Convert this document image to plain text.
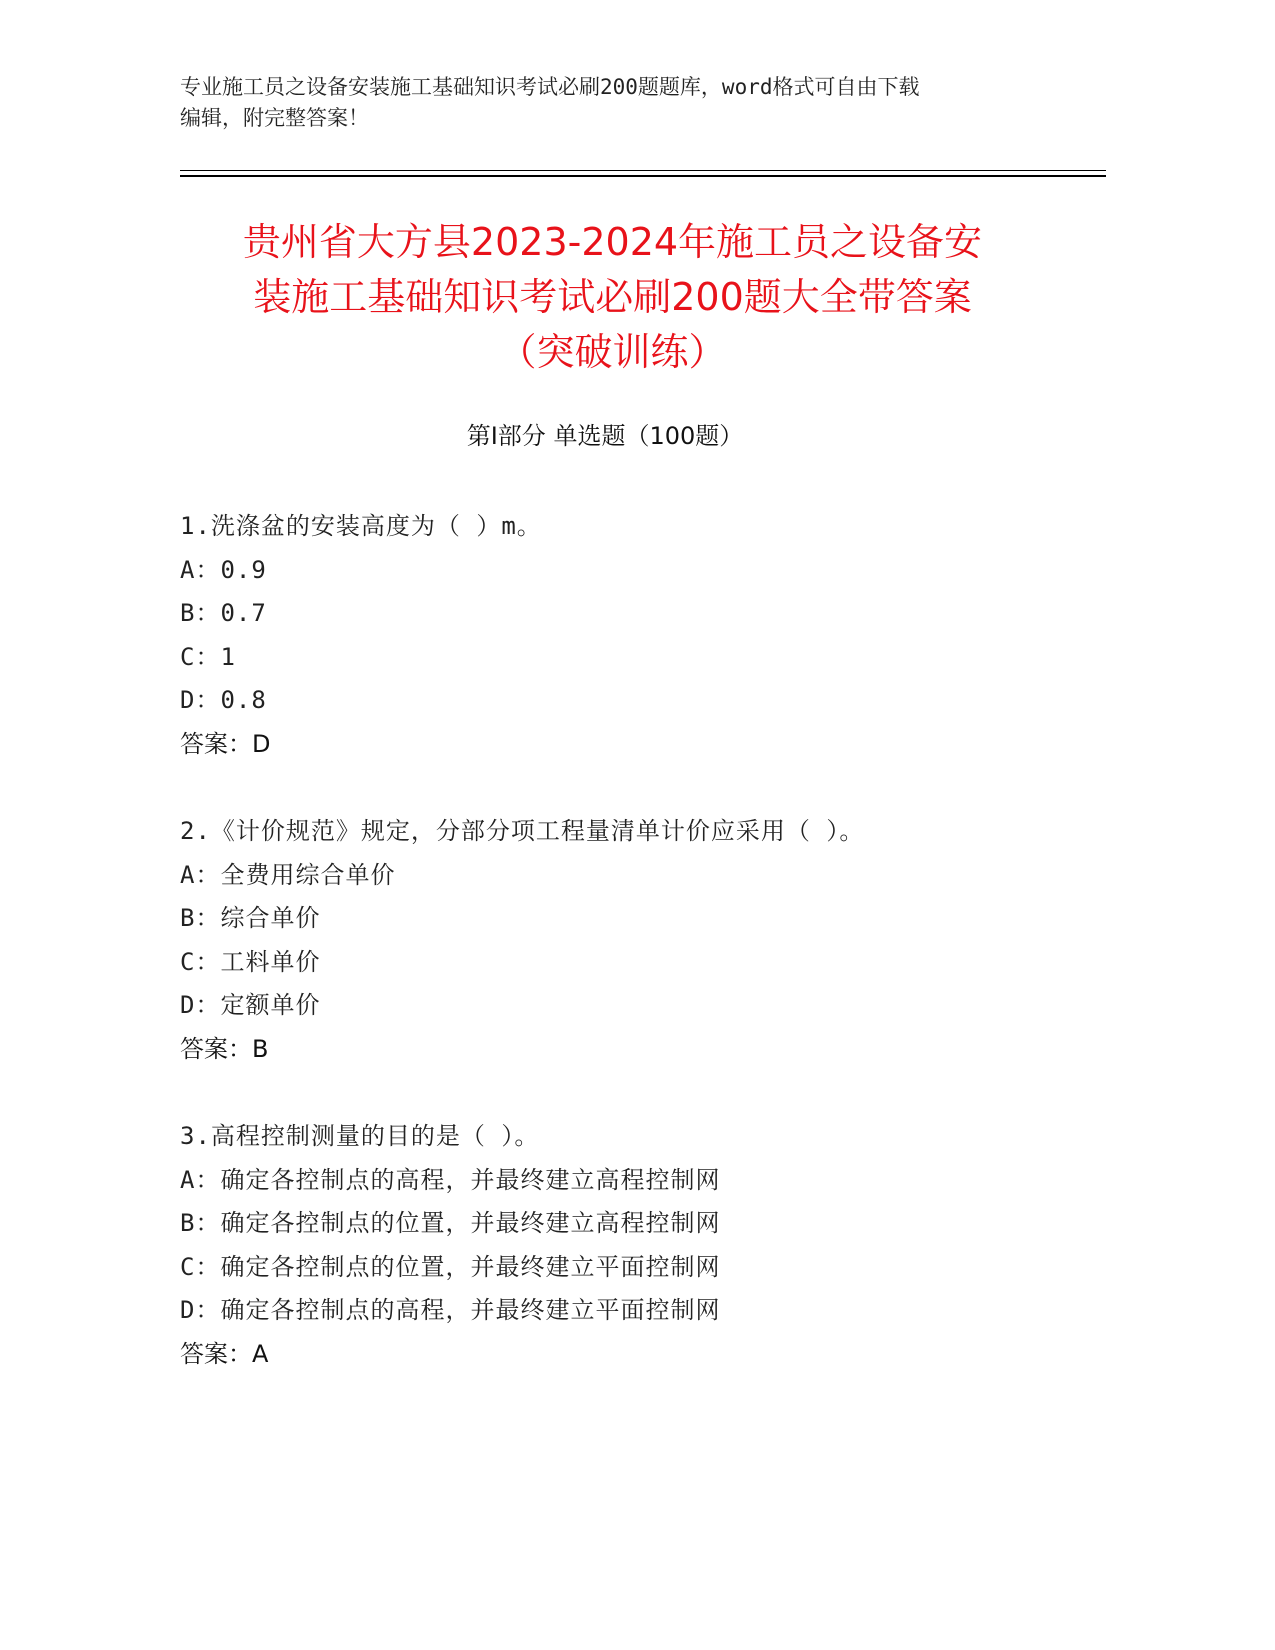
专业施工员之设备安装施工基础知识考试必刷200题题库，word格式可自由下载
编辑，附完整答案！
贵州省大方县2023-2024年施工员之设备安
装施工基础知识考试必刷200题大全带答案
（突破训练）
第Ⅰ部分 单选题（100题）
1.洗涤盆的安装高度为（ ）m。
A：0.9
B：0.7
C：1
D：0.8
答案：D
2.《计价规范》规定，分部分项工程量清单计价应采用（ ）。
A：全费用综合单价
B：综合单价
C：工料单价
D：定额单价
答案：B
3.高程控制测量的目的是（ ）。
A：确定各控制点的高程，并最终建立高程控制网
B：确定各控制点的位置，并最终建立高程控制网
C：确定各控制点的位置，并最终建立平面控制网
D：确定各控制点的高程，并最终建立平面控制网
答案：A
